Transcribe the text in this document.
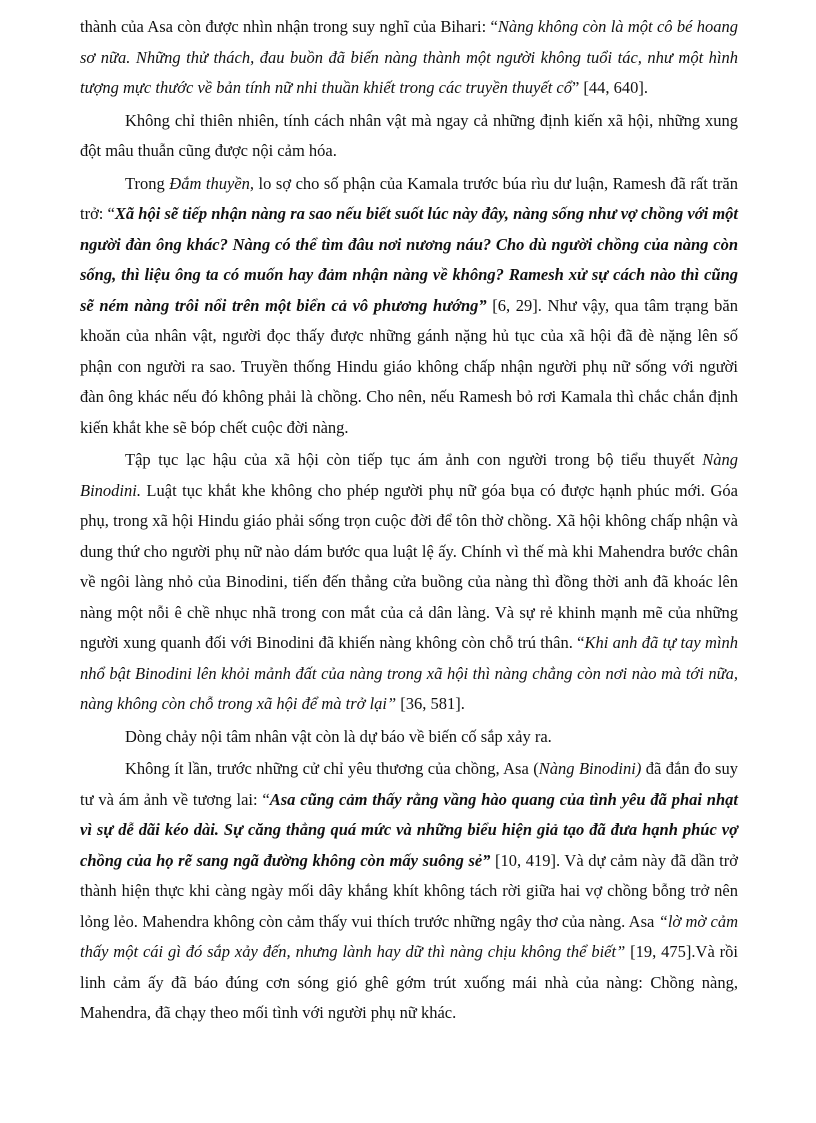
thành của Asa còn được nhìn nhận trong suy nghĩ của Bihari: “Nàng không còn là một cô bé hoang sơ nữa. Những thử thách, đau buồn đã biến nàng thành một người không tuổi tác, như một hình tượng mực thước về bản tính nữ nhi thuần khiết trong các truyền thuyết cổ” [44, 640].

Không chỉ thiên nhiên, tính cách nhân vật mà ngay cả những định kiến xã hội, những xung đột mâu thuẫn cũng được nội cảm hóa.

Trong Đắm thuyền, lo sợ cho số phận của Kamala trước búa rìu dư luận, Ramesh đã rất trăn trở: “Xã hội sẽ tiếp nhận nàng ra sao nếu biết suốt lúc này đây, nàng sống như vợ chồng với một người đàn ông khác? Nàng có thể tìm đâu nơi nương náu? Cho dù người chồng của nàng còn sống, thì liệu ông ta có muốn hay đảm nhận nàng về không? Ramesh xử sự cách nào thì cũng sẽ ném nàng trôi nổi trên một biển cả vô phương hướng” [6, 29]. Như vậy, qua tâm trạng băn khoăn của nhân vật, người đọc thấy được những gánh nặng hủ tục của xã hội đã đè nặng lên số phận con người ra sao. Truyền thống Hindu giáo không chấp nhận người phụ nữ sống với người đàn ông khác nếu đó không phải là chồng. Cho nên, nếu Ramesh bỏ rơi Kamala thì chắc chắn định kiến khắt khe sẽ bóp chết cuộc đời nàng.

Tập tục lạc hậu của xã hội còn tiếp tục ám ảnh con người trong bộ tiểu thuyết Nàng Binodini. Luật tục khắt khe không cho phép người phụ nữ góa bụa có được hạnh phúc mới. Góa phụ, trong xã hội Hindu giáo phải sống trọn cuộc đời để tôn thờ chồng. Xã hội không chấp nhận và dung thứ cho người phụ nữ nào dám bước qua luật lệ ấy. Chính vì thế mà khi Mahendra bước chân về ngôi làng nhỏ của Binodini, tiến đến thẳng cửa buồng của nàng thì đồng thời anh đã khoác lên nàng một nỗi ê chề nhục nhã trong con mắt của cả dân làng. Và sự rẻ khinh mạnh mẽ của những người xung quanh đối với Binodini đã khiến nàng không còn chỗ trú thân. “Khi anh đã tự tay mình nhổ bật Binodini lên khỏi mảnh đất của nàng trong xã hội thì nàng chẳng còn nơi nào mà tới nữa, nàng không còn chỗ trong xã hội để mà trở lại” [36, 581].

Dòng chảy nội tâm nhân vật còn là dự báo về biến cố sắp xảy ra.

Không ít lần, trước những cử chỉ yêu thương của chồng, Asa (Nàng Binodini) đã đắn đo suy tư và ám ảnh về tương lai: “Asa cũng cảm thấy rằng vầng hào quang của tình yêu đã phai nhạt vì sự dễ dãi kéo dài. Sự căng thẳng quá mức và những biểu hiện giả tạo đã đưa hạnh phúc vợ chồng của họ rẽ sang ngã đường không còn mấy suông sẻ” [10, 419]. Và dự cảm này đã dần trở thành hiện thực khi càng ngày mối dây khắng khít không tách rời giữa hai vợ chồng bỗng trở nên lỏng lẻo. Mahendra không còn cảm thấy vui thích trước những ngây thơ của nàng. Asa “lờ mờ cảm thấy một cái gì đó sắp xảy đến, nhưng lành hay dữ thì nàng chịu không thể biết” [19, 475].Và rồi linh cảm ấy đã báo đúng cơn sóng gió ghê gớm trút xuống mái nhà của nàng: Chồng nàng, Mahendra, đã chạy theo mối tình với người phụ nữ khác.
